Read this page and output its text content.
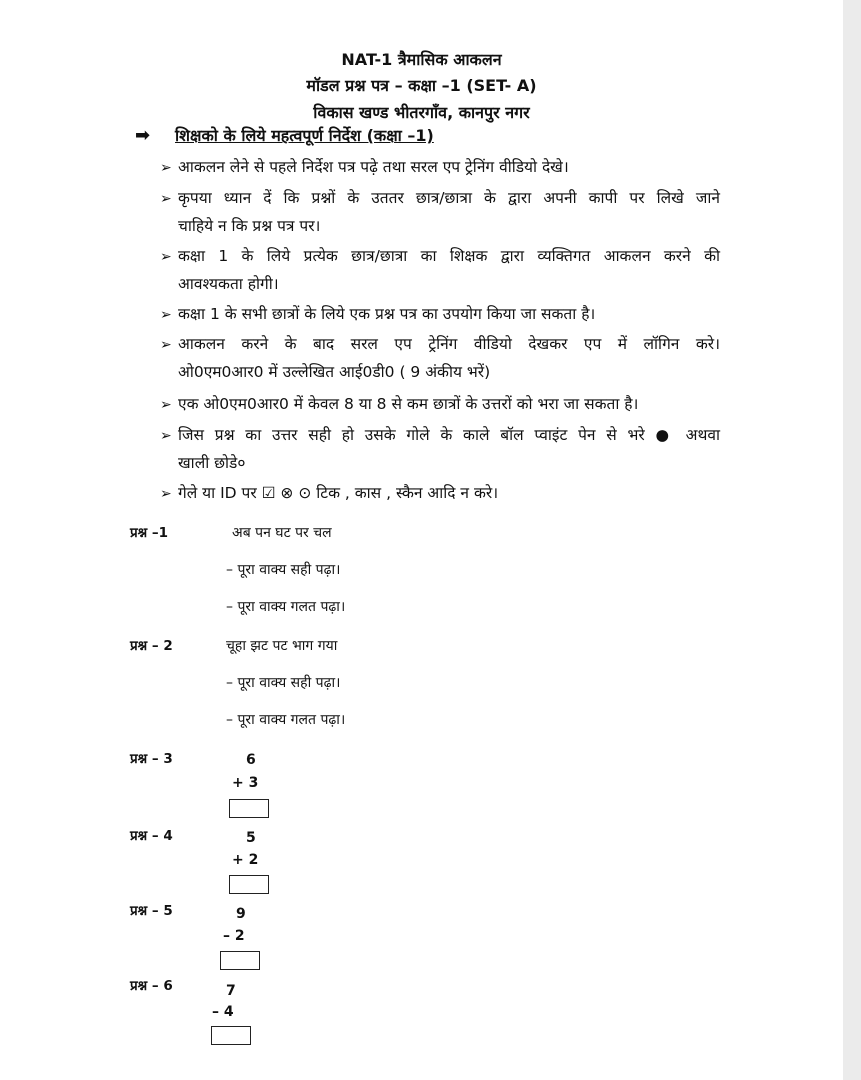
NAT-1 त्रैमासिक आकलन
मॉडल प्रश्न पत्र – कक्षा –1 (SET- A)
विकास खण्ड भीतरगाँव, कानपुर नगर
➡ शिक्षको के लिये महत्वपूर्ण निर्देश (कक्षा –1)
➢ आकलन लेने से पहले निर्देश पत्र पढ़े तथा सरल एप ट्रेनिंग वीडियो देखे।
➢ कृपया ध्यान दें कि प्रश्नों के उततर छात्र/छात्रा के द्वारा अपनी कापी पर लिखे जाने
चाहिये न कि प्रश्न पत्र पर।
➢ कक्षा 1 के लिये प्रत्येक छात्र/छात्रा का शिक्षक द्वारा व्यक्तिगत आकलन करने की
आवश्यकता होगी।
➢ कक्षा 1 के सभी छात्रों के लिये एक प्रश्न पत्र का उपयोग किया जा सकता है।
➢ आकलन करने के बाद सरल एप ट्रेनिंग वीडियो देखकर एप में लॉगिन करे।
ओ0एम0आर0 में उल्लेखित आई0डी0 ( 9 अंकीय भरें)
➢ एक ओ0एम0आर0 में केवल 8 या 8 से कम छात्रों के उत्तरों को भरा जा सकता है।
➢ जिस प्रश्न का उत्तर सही हो उसके गोले के काले बॉल प्वाइंट पेन से भरे ● अथवा
खाली छोडे०
➢ गेले या ID पर ☑ ⊗ ⊙ टिक , कास , स्कैन आदि न करे।
प्रश्न –1	अब पन घट पर चल
– पूरा वाक्य सही पढ़ा।
– पूरा वाक्य गलत पढ़ा।
प्रश्न – 2	चूहा झट पट भाग गया
– पूरा वाक्य सही पढ़ा।
– पूरा वाक्य गलत पढ़ा।
प्रश्न – 3	6
+ 3
प्रश्न – 4	5
+ 2
प्रश्न – 5	9
– 2
प्रश्न – 6	7
– 4
